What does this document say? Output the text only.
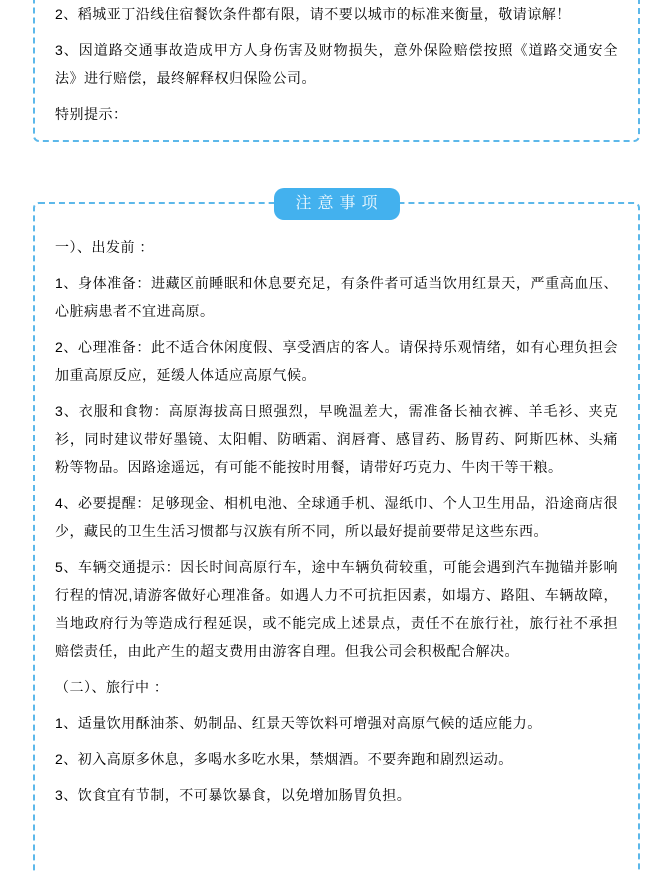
2、稻城亚丁沿线住宿餐饮条件都有限，请不要以城市的标准来衡量，敬请谅解！

3、因道路交通事故造成甲方人身伤害及财物损失，意外保险赔偿按照《道路交通安全法》进行赔偿，最终解释权归保险公司。

特别提示：

注意事项

一）、出发前 ：

1、身体准备：进藏区前睡眠和休息要充足，有条件者可适当饮用红景天，严重高血压、心脏病患者不宜进高原。

2、心理准备：此不适合休闲度假、享受酒店的客人。请保持乐观情绪，如有心理负担会加重高原反应，延缓人体适应高原气候。

3、衣服和食物：高原海拔高日照强烈，早晚温差大，需准备长袖衣裤、羊毛衫、夹克衫，同时建议带好墨镜、太阳帽、防晒霜、润唇膏、感冒药、肠胃药、阿斯匹林、头痛粉等物品。因路途遥远，有可能不能按时用餐，请带好巧克力、牛肉干等干粮。

4、必要提醒：足够现金、相机电池、全球通手机、湿纸巾、个人卫生用品，沿途商店很少，藏民的卫生生活习惯都与汉族有所不同，所以最好提前要带足这些东西。

5、车辆交通提示：因长时间高原行车，途中车辆负荷较重，可能会遇到汽车抛锚并影响行程的情况,请游客做好心理准备。如遇人力不可抗拒因素，如塌方、路阻、车辆故障，当地政府行为等造成行程延误，或不能完成上述景点，责任不在旅行社，旅行社不承担赔偿责任，由此产生的超支费用由游客自理。但我公司会积极配合解决。

（二）、旅行中 ：

1、适量饮用酥油茶、奶制品、红景天等饮料可增强对高原气候的适应能力。

2、初入高原多休息，多喝水多吃水果，禁烟酒。不要奔跑和剧烈运动。

3、饮食宜有节制，不可暴饮暴食，以免增加肠胃负担。
